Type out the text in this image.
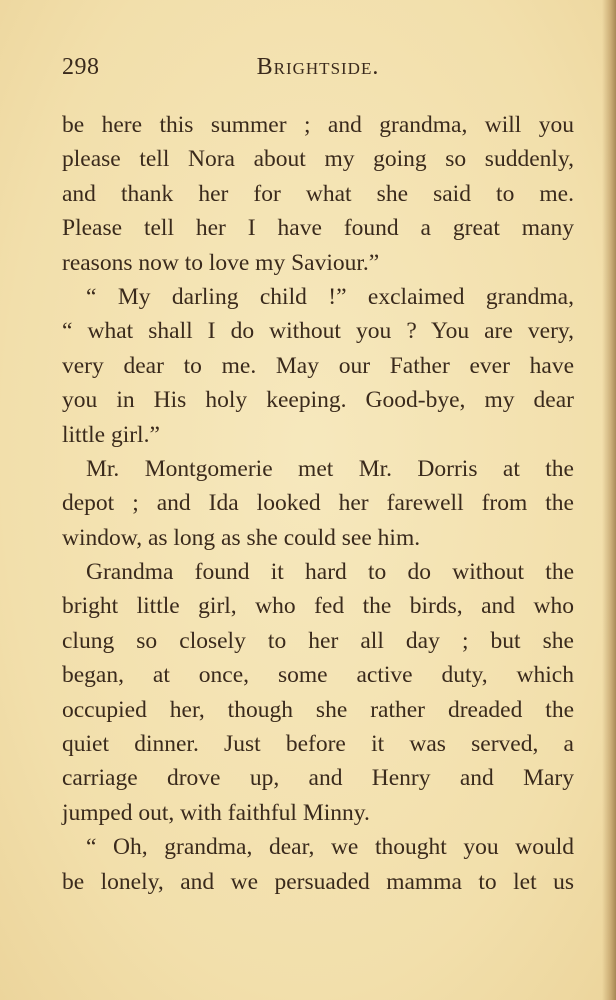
298	Brightside.
be here this summer ; and grandma, will you
please tell Nora about my going so suddenly,
and thank her for what she said to me.
Please tell her I have found a great many
reasons now to love my Saviour.”
“ My darling child !” exclaimed grandma,
“ what shall I do without you ? You are very,
very dear to me. May our Father ever have
you in His holy keeping. Good-bye, my dear
little girl.”
Mr. Montgomerie met Mr. Dorris at the
depot ; and Ida looked her farewell from the
window, as long as she could see him.
Grandma found it hard to do without the
bright little girl, who fed the birds, and who
clung so closely to her all day ; but she
began, at once, some active duty, which
occupied her, though she rather dreaded the
quiet dinner. Just before it was served, a
carriage drove up, and Henry and Mary
jumped out, with faithful Minny.
“ Oh, grandma, dear, we thought you would
be lonely, and we persuaded mamma to let us
